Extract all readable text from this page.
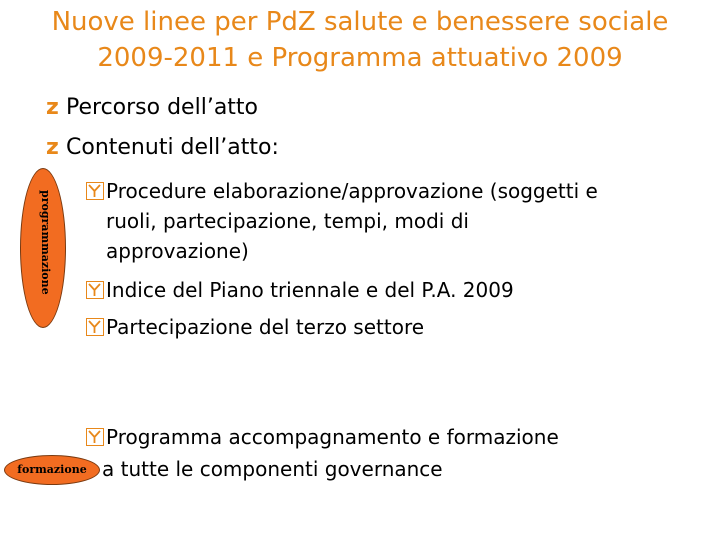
Nuove linee per PdZ salute e benessere sociale
2009-2011 e Programma attuativo 2009
z Percorso dell’atto
z Contenuti dell’atto:
programmazione	Procedure elaborazione/approvazione (soggetti e
ruoli, partecipazione, tempi, modi di
approvazione)
Indice del Piano triennale e del P.A. 2009
Partecipazione del terzo settore
Programma accompagnamento e formazione
a tutte le componenti governance
formazione
